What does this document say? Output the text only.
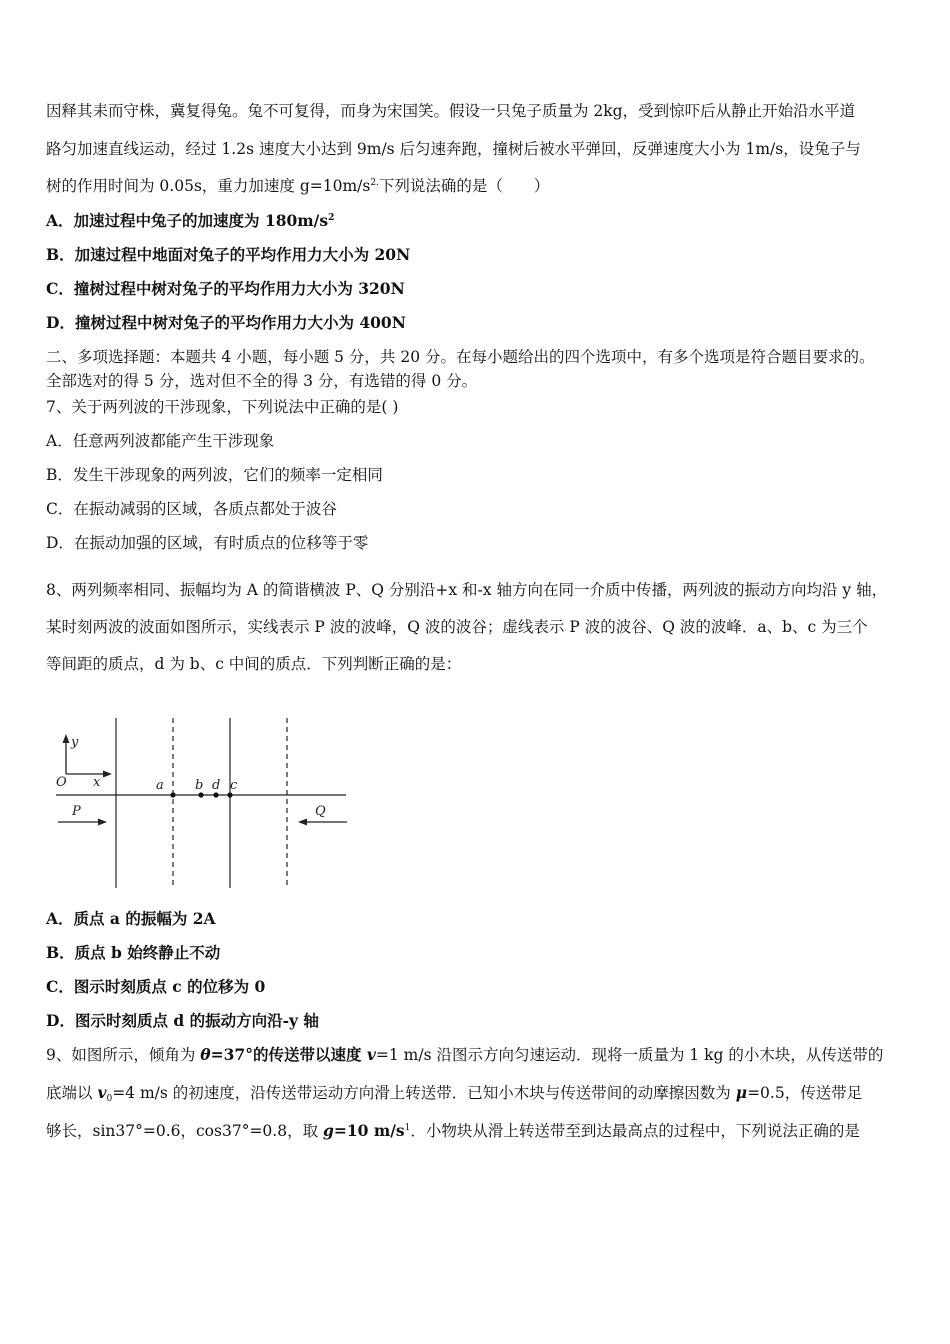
因释其耒而守株，冀复得兔。兔不可复得，而身为宋国笑。假设一只兔子质量为 2kg，受到惊吓后从静止开始沿水平道
路匀加速直线运动，经过 1.2s 速度大小达到 9m/s 后匀速奔跑，撞树后被水平弹回，反弹速度大小为 1m/s，设兔子与
树的作用时间为 0.05s，重力加速度 $g=10m/s^{2.}$下列说法确的是（　　）
A．加速过程中兔子的加速度为 $180m/s^2$
B．加速过程中地面对兔子的平均作用力大小为 20N
C．撞树过程中树对兔子的平均作用力大小为 320N
D．撞树过程中树对兔子的平均作用力大小为 400N
二、多项选择题：本题共 4 小题，每小题 5 分，共 20 分。在每小题给出的四个选项中，有多个选项是符合题目要求的。
全部选对的得 5 分，选对但不全的得 3 分，有选错的得 0 分。
7、关于两列波的干涉现象，下列说法中正确的是( )
A．任意两列波都能产生干涉现象
B．发生干涉现象的两列波，它们的频率一定相同
C．在振动减弱的区域，各质点都处于波谷
D．在振动加强的区域，有时质点的位移等于零
8、两列频率相同、振幅均为 A 的简谐横波 P、Q 分别沿+x 和-x 轴方向在同一介质中传播，两列波的振动方向均沿 y 轴，
某时刻两波的波面如图所示，实线表示 P 波的波峰，Q 波的波谷；虚线表示 P 波的波谷、Q 波的波峰．a、b、c 为三个
等间距的质点，d 为 b、c 中间的质点．下列判断正确的是：
y
x
O	a b d c
P	Q
A．质点 a 的振幅为 2A
B．质点 b 始终静止不动
C．图示时刻质点 c 的位移为 0
D．图示时刻质点 d 的振动方向沿-y 轴
9、如图所示，倾角为 θ=37°的传送带以速度 v=1 m/s 沿图示方向匀速运动．现将一质量为 1 kg 的小木块，从传送带的
底端以 $v_0=4$ m/s 的初速度，沿传送带运动方向滑上转送带．已知小木块与传送带间的动摩擦因数为 μ=0.5，传送带足
够长，sin37°=0.6，cos37°=0.8，取 g=10 $m/s^1$．小物块从滑上转送带至到达最高点的过程中，下列说法正确的是
